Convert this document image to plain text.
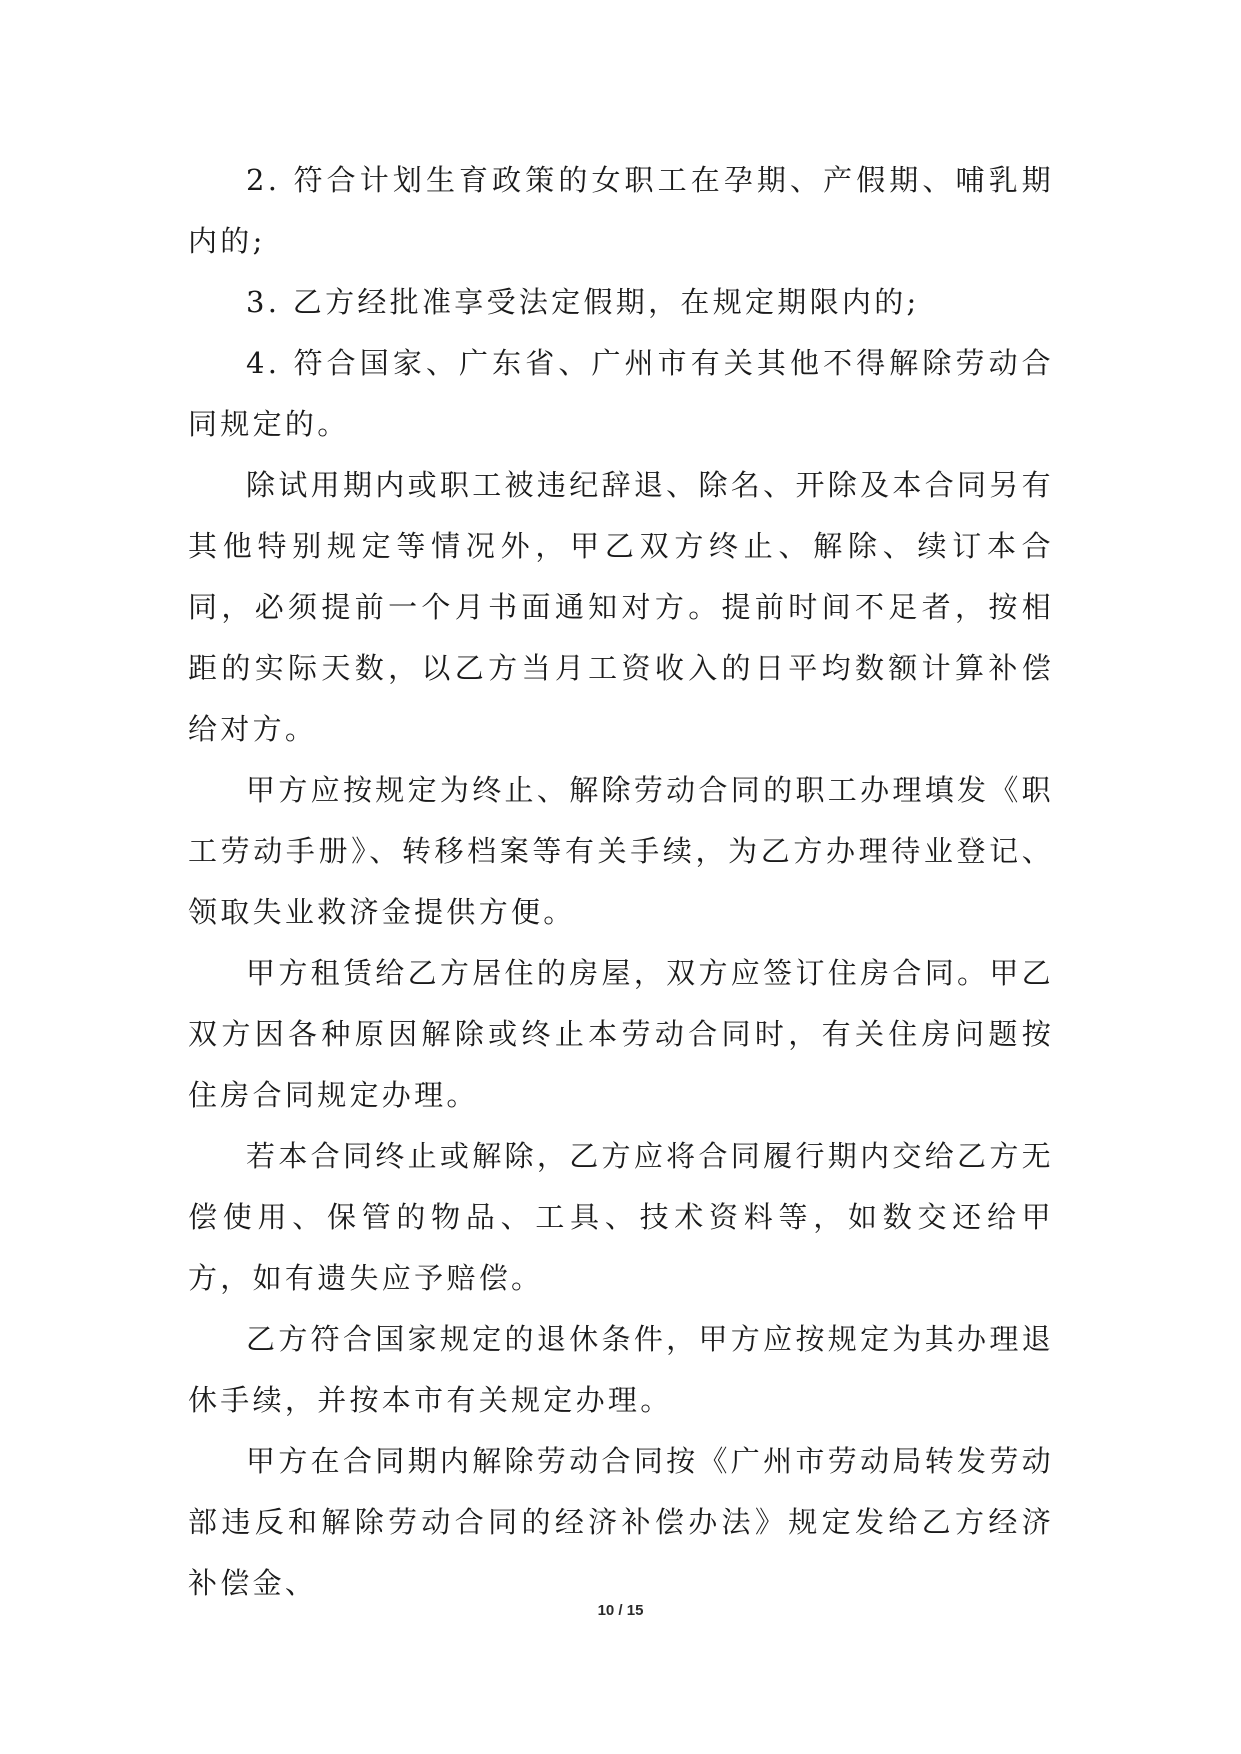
2. 符合计划生育政策的女职工在孕期、产假期、哺乳期内的;

3. 乙方经批准享受法定假期，在规定期限内的;

4. 符合国家、广东省、广州市有关其他不得解除劳动合同规定的。

除试用期内或职工被违纪辞退、除名、开除及本合同另有其他特别规定等情况外，甲乙双方终止、解除、续订本合同，必须提前一个月书面通知对方。提前时间不足者，按相距的实际天数，以乙方当月工资收入的日平均数额计算补偿给对方。

甲方应按规定为终止、解除劳动合同的职工办理填发《职工劳动手册》、转移档案等有关手续，为乙方办理待业登记、领取失业救济金提供方便。

甲方租赁给乙方居住的房屋，双方应签订住房合同。甲乙双方因各种原因解除或终止本劳动合同时，有关住房问题按住房合同规定办理。

若本合同终止或解除，乙方应将合同履行期内交给乙方无偿使用、保管的物品、工具、技术资料等，如数交还给甲方，如有遗失应予赔偿。

乙方符合国家规定的退休条件，甲方应按规定为其办理退休手续，并按本市有关规定办理。

甲方在合同期内解除劳动合同按《广州市劳动局转发劳动部违反和解除劳动合同的经济补偿办法》规定发给乙方经济补偿金、

10 / 15
